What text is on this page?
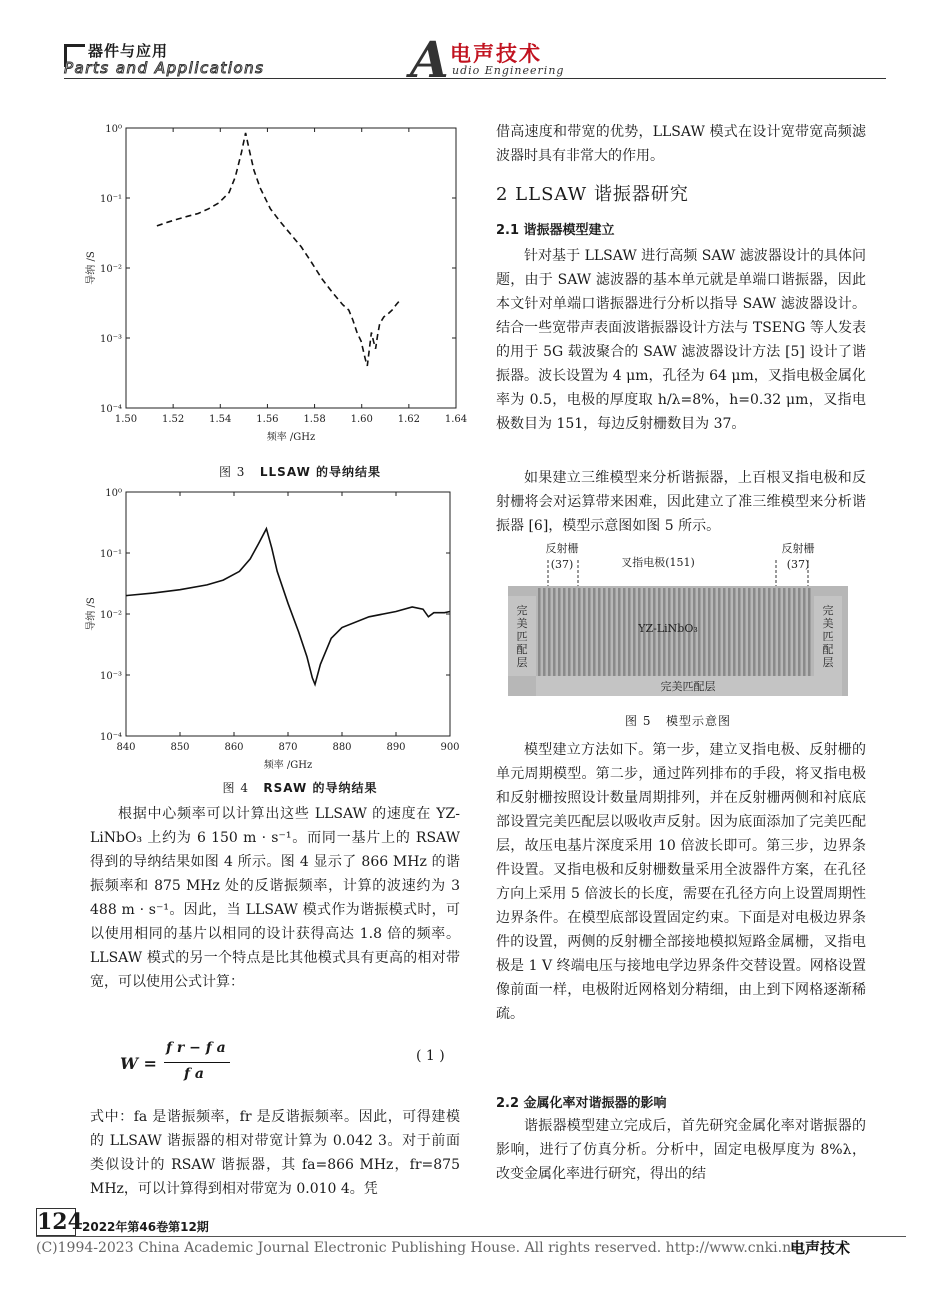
器件与应用
Parts and Applications	A 电声技术
udio Engineering
1.50 1.52 1.54 1.56 1.58 1.60 1.62 1.64
10⁻⁴
10⁻³
10⁻²
10⁻¹
10⁰
频率 /GHz
导纳 /S
图 3 LLSAW 的导纳结果
840	850	860	870	880	890	900
10⁻⁴
10⁻³
10⁻²
10⁻¹
10⁰
频率 /GHz
导纳 /S
图 4 RSAW 的导纳结果

根据中心频率可以计算出这些 LLSAW 的速度在 YZ-LiNbO₃ 上约为 6 150 m · s⁻¹。而同一基片上的 RSAW 得到的导纳结果如图 4 所示。图 4 显示了 866 MHz 的谐振频率和 875 MHz 处的反谐振频率，计算的波速约为 3 488 m · s⁻¹。因此，当 LLSAW 模式作为谐振模式时，可以使用相同的基片以相同的设计获得高达 1.8 倍的频率。LLSAW 模式的另一个特点是比其他模式具有更高的相对带宽，可以使用公式计算：

W =
f r − f a
f a
( 1 )

式中：fa 是谐振频率，fr 是反谐振频率。因此，可得建模的 LLSAW 谐振器的相对带宽计算为 0.042 3。对于前面类似设计的 RSAW 谐振器，其 fa=866 MHz，fr=875 MHz，可以计算得到相对带宽为 0.010 4。凭

借高速度和带宽的优势，LLSAW 模式在设计宽带宽高频滤波器时具有非常大的作用。

2 LLSAW 谐振器研究
2.1 谐振器模型建立

针对基于 LLSAW 进行高频 SAW 滤波器设计的具体问题，由于 SAW 滤波器的基本单元就是单端口谐振器，因此本文针对单端口谐振器进行分析以指导 SAW 滤波器设计。结合一些宽带声表面波谐振器设计方法与 TSENG 等人发表的用于 5G 载波聚合的 SAW 滤波器设计方法 [5] 设计了谐振器。波长设置为 4 μm，孔径为 64 μm，叉指电极金属化率为 0.5，电极的厚度取 h/λ=8%，h=0.32 μm，叉指电极数目为 151，每边反射栅数目为 37。

如果建立三维模型来分析谐振器，上百根叉指电极和反射栅将会对运算带来困难，因此建立了准三维模型来分析谐振器 [6]，模型示意图如图 5 所示。

反射栅
(37)	叉指电极(151)
反射栅
(37)
YZ-LiNbO₃
完
美
匹
配
层
完
美
匹
配
层
完美匹配层
图 5 模型示意图

模型建立方法如下。第一步，建立叉指电极、反射栅的单元周期模型。第二步，通过阵列排布的手段，将叉指电极和反射栅按照设计数量周期排列，并在反射栅两侧和衬底底部设置完美匹配层以吸收声反射。因为底面添加了完美匹配层，故压电基片深度采用 10 倍波长即可。第三步，边界条件设置。叉指电极和反射栅数量采用全波器件方案，在孔径方向上采用 5 倍波长的长度，需要在孔径方向上设置周期性边界条件。在模型底部设置固定约束。下面是对电极边界条件的设置，两侧的反射栅全部接地模拟短路金属栅，叉指电极是 1 V 终端电压与接地电学边界条件交替设置。网格设置像前面一样，电极附近网格划分精细，由上到下网格逐渐稀疏。

2.2 金属化率对谐振器的影响

谐振器模型建立完成后，首先研究金属化率对谐振器的影响，进行了仿真分析。分析中，固定电极厚度为 8%λ，改变金属化率进行研究，得出的结

124 2022年第46卷第12期
(C)1994-2023 China Academic Journal Electronic Publishing House. All rights reserved. http://www.cnki.net
电声技术
